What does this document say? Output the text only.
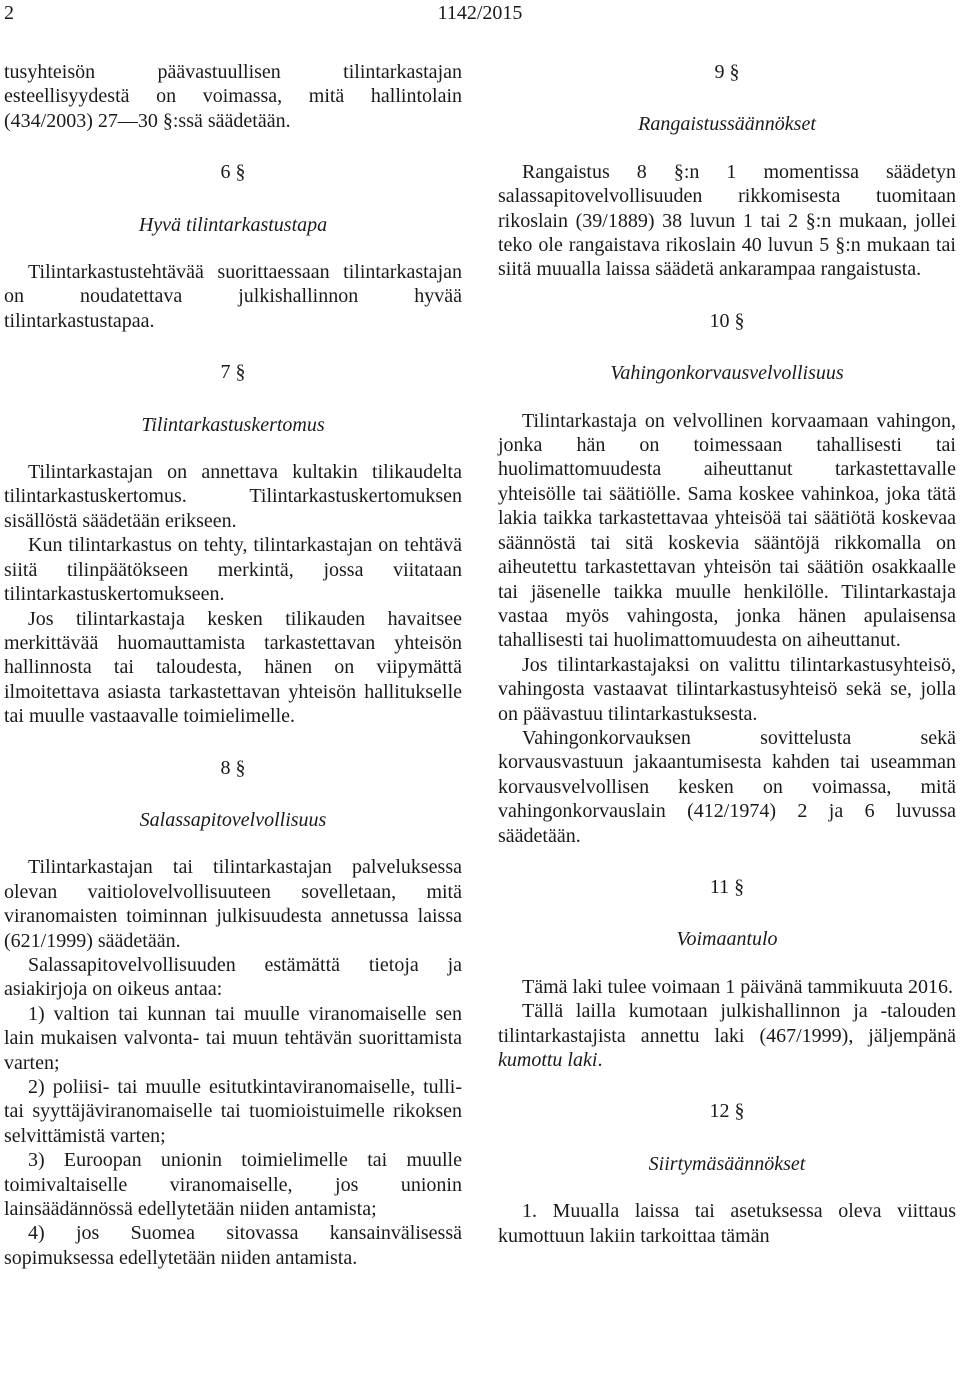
2	1142/2015

tusyhteisön päävastuullisen tilintarkastajan esteellisyydestä on voimassa, mitä hallintolain (434/2003) 27—30 §:ssä säädetään.

6 §

Hyvä tilintarkastustapa

Tilintarkastustehtävää suorittaessaan tilintarkastajan on noudatettava julkishallinnon hyvää tilintarkastustapaa.

7 §

Tilintarkastuskertomus

Tilintarkastajan on annettava kultakin tilikaudelta tilintarkastuskertomus. Tilintarkastuskertomuksen sisällöstä säädetään erikseen.

Kun tilintarkastus on tehty, tilintarkastajan on tehtävä siitä tilinpäätökseen merkintä, jossa viitataan tilintarkastuskertomukseen.

Jos tilintarkastaja kesken tilikauden havaitsee merkittävää huomauttamista tarkastettavan yhteisön hallinnosta tai taloudesta, hänen on viipymättä ilmoitettava asiasta tarkastettavan yhteisön hallitukselle tai muulle vastaavalle toimielimelle.

8 §

Salassapitovelvollisuus

Tilintarkastajan tai tilintarkastajan palveluksessa olevan vaitiolovelvollisuuteen sovelletaan, mitä viranomaisten toiminnan julkisuudesta annetussa laissa (621/1999) säädetään.

Salassapitovelvollisuuden estämättä tietoja ja asiakirjoja on oikeus antaa:

1) valtion tai kunnan tai muulle viranomaiselle sen lain mukaisen valvonta- tai muun tehtävän suorittamista varten;

2) poliisi- tai muulle esitutkintaviranomaiselle, tulli- tai syyttäjäviranomaiselle tai tuomioistuimelle rikoksen selvittämistä varten;

3) Euroopan unionin toimielimelle tai muulle toimivaltaiselle viranomaiselle, jos unionin lainsäädännössä edellytetään niiden antamista;

4) jos Suomea sitovassa kansainvälisessä sopimuksessa edellytetään niiden antamista.

9 §

Rangaistussäännökset

Rangaistus 8 §:n 1 momentissa säädetyn salassapitovelvollisuuden rikkomisesta tuomitaan rikoslain (39/1889) 38 luvun 1 tai 2 §:n mukaan, jollei teko ole rangaistava rikoslain 40 luvun 5 §:n mukaan tai siitä muualla laissa säädetä ankarampaa rangaistusta.

10 §

Vahingonkorvausvelvollisuus

Tilintarkastaja on velvollinen korvaamaan vahingon, jonka hän on toimessaan tahallisesti tai huolimattomuudesta aiheuttanut tarkastettavalle yhteisölle tai säätiölle. Sama koskee vahinkoa, joka tätä lakia taikka tarkastettavaa yhteisöä tai säätiötä koskevaa säännöstä tai sitä koskevia sääntöjä rikkomalla on aiheutettu tarkastettavan yhteisön tai säätiön osakkaalle tai jäsenelle taikka muulle henkilölle. Tilintarkastaja vastaa myös vahingosta, jonka hänen apulaisensa tahallisesti tai huolimattomuudesta on aiheuttanut.

Jos tilintarkastajaksi on valittu tilintarkastusyhteisö, vahingosta vastaavat tilintarkastusyhteisö sekä se, jolla on päävastuu tilintarkastuksesta.

Vahingonkorvauksen sovittelusta sekä korvausvastuun jakaantumisesta kahden tai useamman korvausvelvollisen kesken on voimassa, mitä vahingonkorvauslain (412/1974) 2 ja 6 luvussa säädetään.

11 §

Voimaantulo

Tämä laki tulee voimaan 1 päivänä tammikuuta 2016.

Tällä lailla kumotaan julkishallinnon ja -talouden tilintarkastajista annettu laki (467/1999), jäljempänä kumottu laki.

12 §

Siirtymäsäännökset

1. Muualla laissa tai asetuksessa oleva viittaus kumottuun lakiin tarkoittaa tämän
